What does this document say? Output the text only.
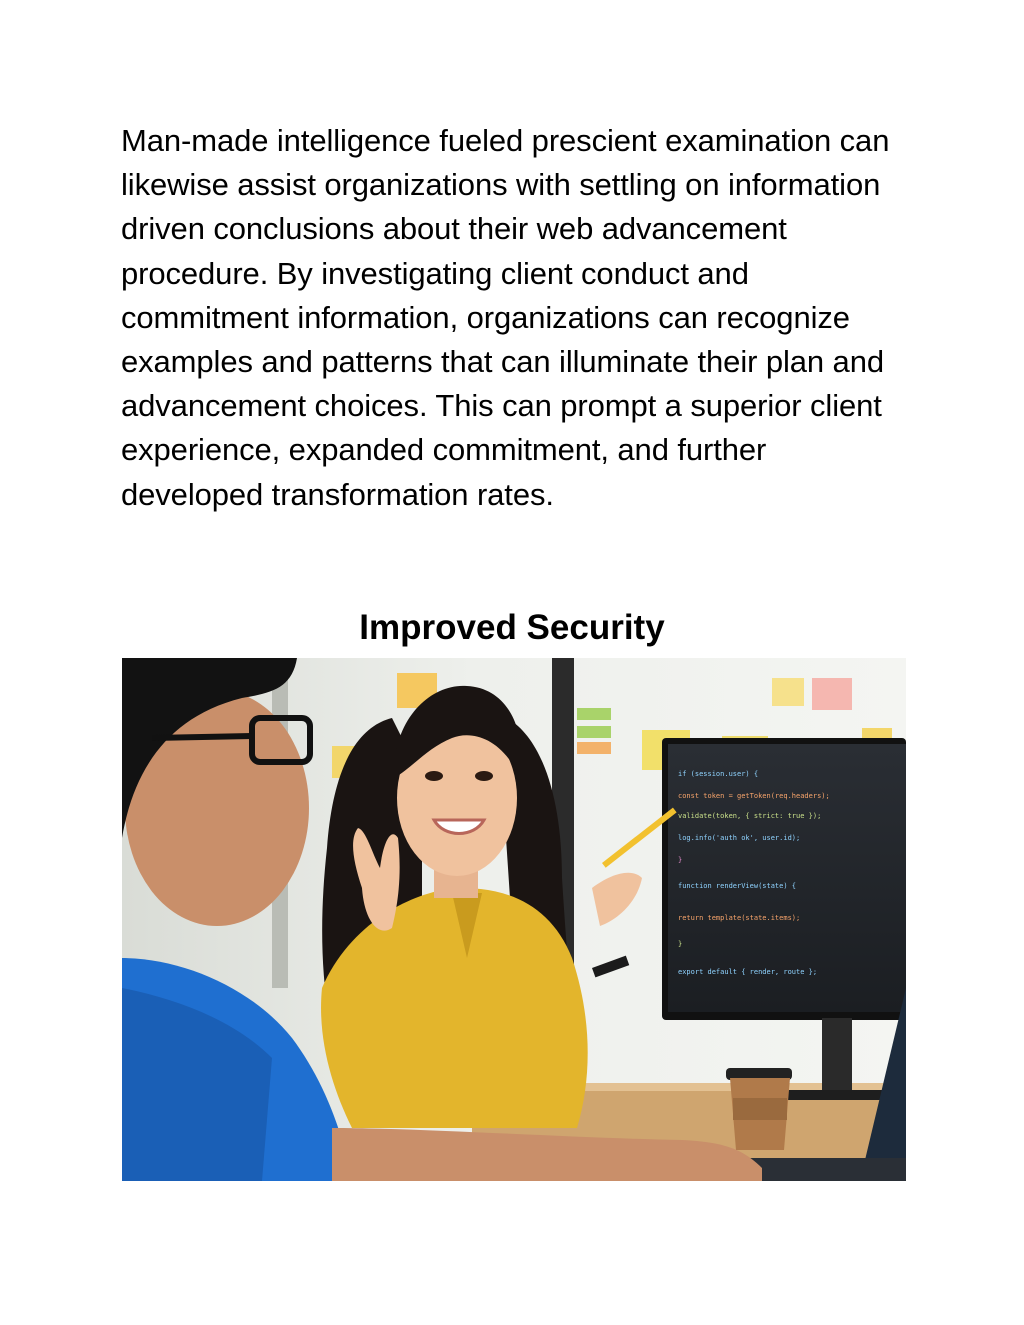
Man-made intelligence fueled prescient examination can likewise assist organizations with settling on information driven conclusions about their web advancement procedure. By investigating client conduct and commitment information, organizations can recognize examples and patterns that can illuminate their plan and advancement choices. This can prompt a superior client experience, expanded commitment, and further developed transformation rates.

Improved Security
if (session.user) {
const token = getToken(req.headers);
validate(token, { strict: true });
log.info('auth ok', user.id);
}
function renderView(state) {
return template(state.items);
}
export default { render, route };
